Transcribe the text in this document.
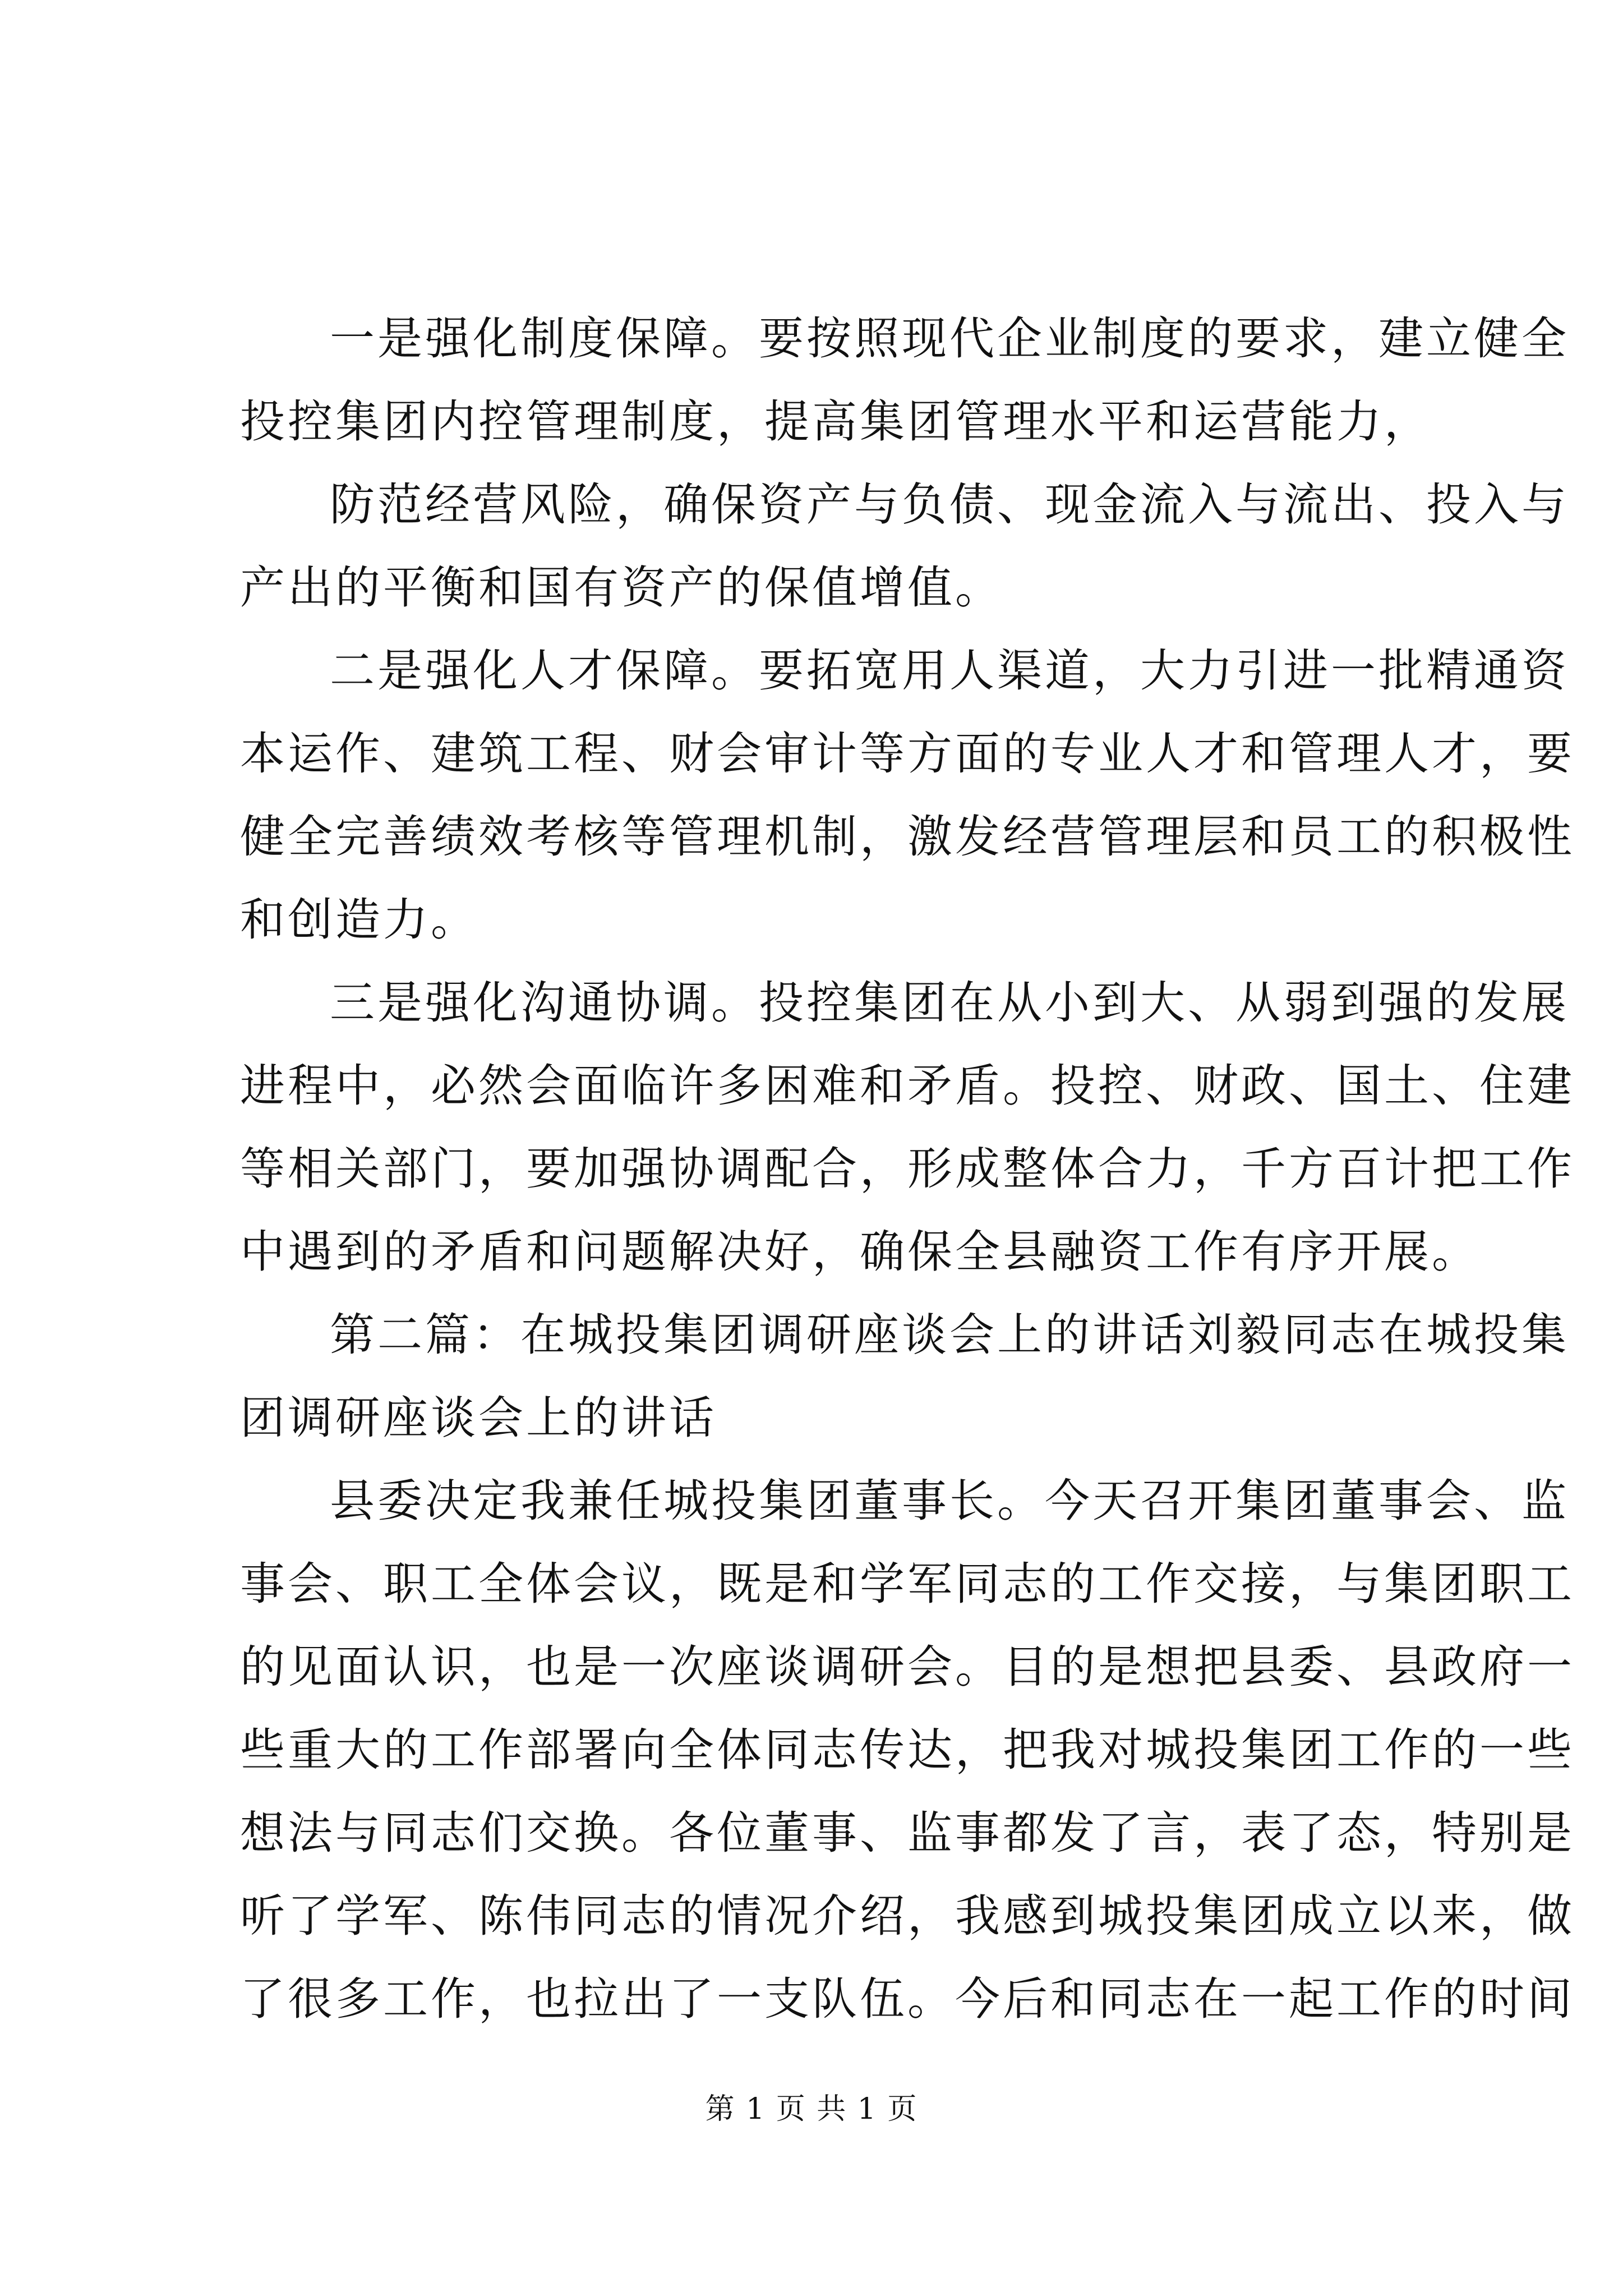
一是强化制度保障。要按照现代企业制度的要求，建立健全
投控集团内控管理制度，提高集团管理水平和运营能力，
防范经营风险，确保资产与负债、现金流入与流出、投入与
产出的平衡和国有资产的保值增值。
二是强化人才保障。要拓宽用人渠道，大力引进一批精通资
本运作、建筑工程、财会审计等方面的专业人才和管理人才，要
健全完善绩效考核等管理机制，激发经营管理层和员工的积极性
和创造力。
三是强化沟通协调。投控集团在从小到大、从弱到强的发展
进程中，必然会面临许多困难和矛盾。投控、财政、国土、住建
等相关部门，要加强协调配合，形成整体合力，千方百计把工作
中遇到的矛盾和问题解决好，确保全县融资工作有序开展。
第二篇：在城投集团调研座谈会上的讲话刘毅同志在城投集
团调研座谈会上的讲话
县委决定我兼任城投集团董事长。今天召开集团董事会、监
事会、职工全体会议，既是和学军同志的工作交接，与集团职工
的见面认识，也是一次座谈调研会。目的是想把县委、县政府一
些重大的工作部署向全体同志传达，把我对城投集团工作的一些
想法与同志们交换。各位董事、监事都发了言，表了态，特别是
听了学军、陈伟同志的情况介绍，我感到城投集团成立以来，做
了很多工作，也拉出了一支队伍。今后和同志在一起工作的时间
第 1 页 共 1 页
